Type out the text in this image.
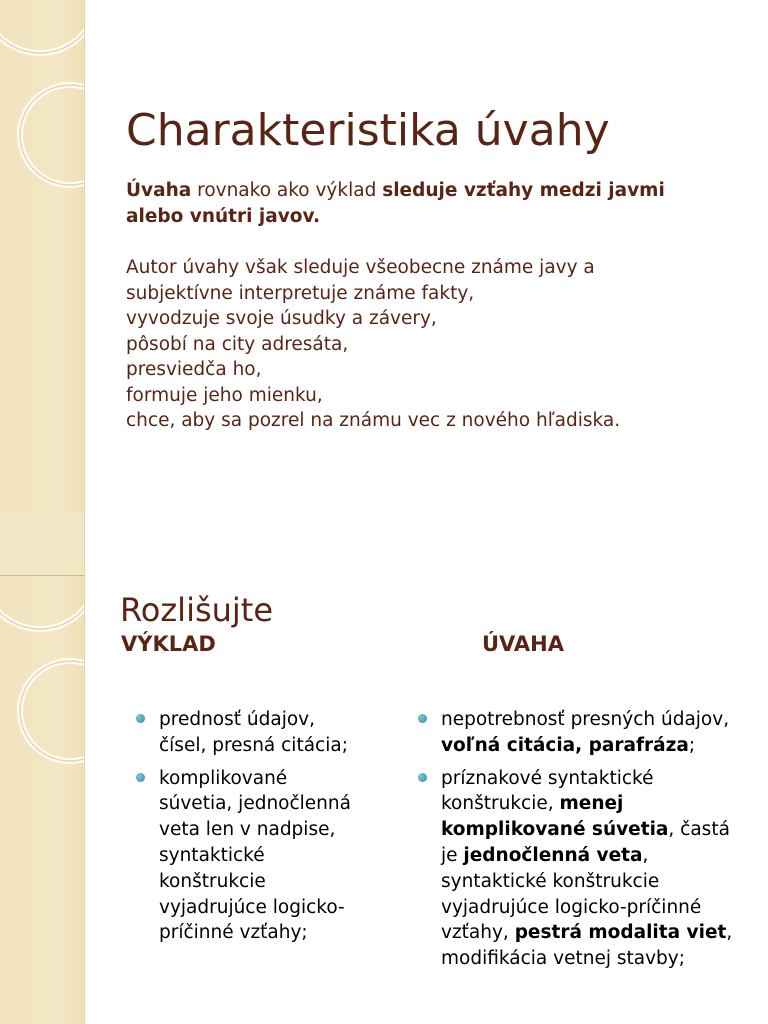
Charakteristika úvahy
Úvaha rovnako ako výklad sleduje vzťahy medzi javmi alebo vnútri javov.
Autor úvahy však sleduje všeobecne známe javy a
subjektívne interpretuje známe fakty,
vyvodzuje svoje úsudky a závery,
pôsobí na city adresáta,
presviedča ho,
formuje jeho mienku,
chce, aby sa pozrel na známu vec z nového hľadiska.
Rozlišujte
VÝKLAD	ÚVAHA
prednosť údajov, čísel, presná citácia;
komplikované súvetia, jednočlenná veta len v nadpise, syntaktické konštrukcie vyjadrujúce logicko-príčinné vzťahy;
nepotrebnosť presných údajov, voľná citácia, parafráza;
príznakové syntaktické konštrukcie, menej komplikované súvetia, častá je jednočlenná veta, syntaktické konštrukcie vyjadrujúce logicko-príčinné vzťahy, pestrá modalita viet, modifikácia vetnej stavby;
